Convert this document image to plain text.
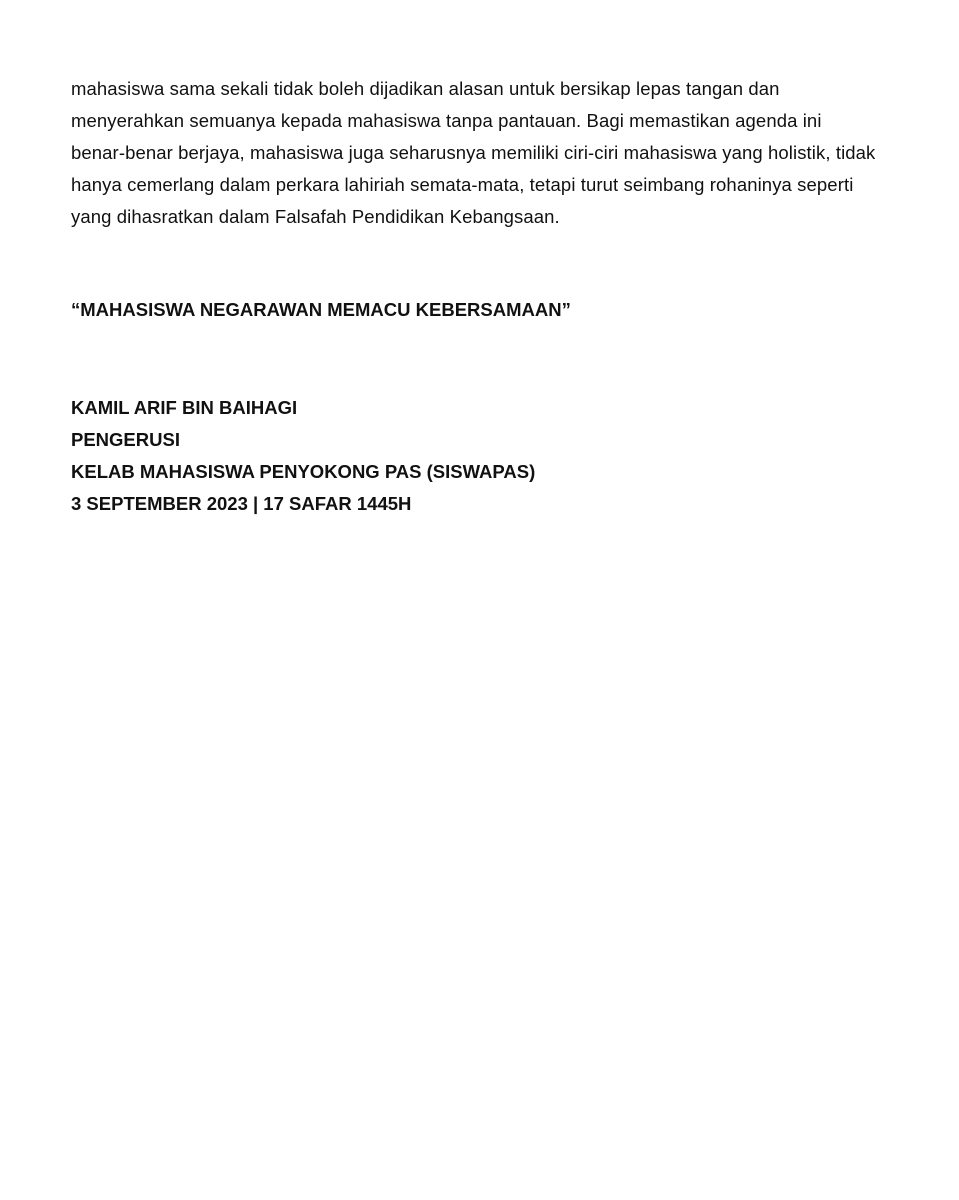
mahasiswa sama sekali tidak boleh dijadikan alasan untuk bersikap lepas tangan dan
menyerahkan semuanya kepada mahasiswa tanpa pantauan. Bagi memastikan agenda ini
benar-benar berjaya, mahasiswa juga seharusnya memiliki ciri-ciri mahasiswa yang holistik, tidak
hanya cemerlang dalam perkara lahiriah semata-mata, tetapi turut seimbang rohaninya seperti
yang dihasratkan dalam Falsafah Pendidikan Kebangsaan.

“MAHASISWA NEGARAWAN MEMACU KEBERSAMAAN”

KAMIL ARIF BIN BAIHAGI
PENGERUSI
KELAB MAHASISWA PENYOKONG PAS (SISWAPAS)
3 SEPTEMBER 2023 | 17 SAFAR 1445H
